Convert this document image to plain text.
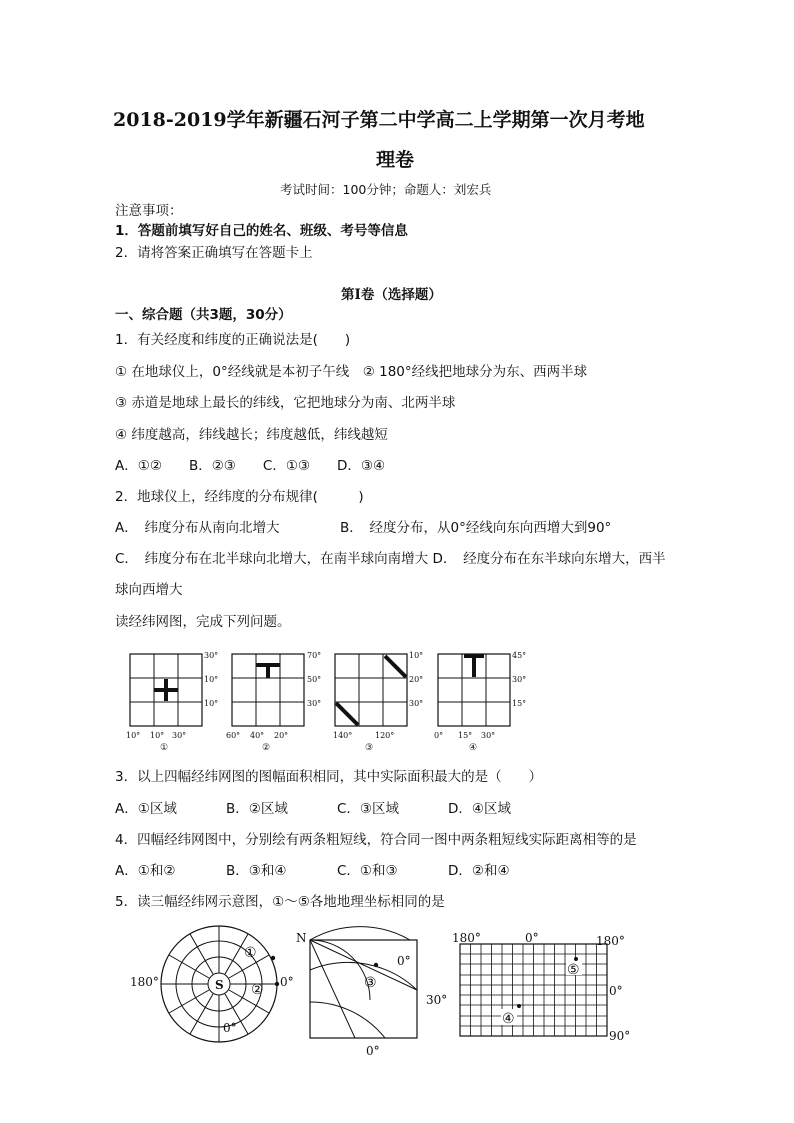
2018-2019学年新疆石河子第二中学高二上学期第一次月考地
理卷
考试时间：100分钟；命题人：刘宏兵
注意事项：
1．答题前填写好自己的姓名、班级、考号等信息
2．请将答案正确填写在答题卡上
第I卷（选择题）
一、综合题（共3题，30分）
1．有关经度和纬度的正确说法是(　　)
① 在地球仪上，0°经线就是本初子午线　② 180°经线把地球分为东、西两半球
③ 赤道是地球上最长的纬线，它把地球分为南、北两半球
④ 纬度越高，纬线越长；纬度越低，纬线越短
A．①②　　B．②③　　C．①③　　D．③④
2．地球仪上，经纬度的分布规律(　　　)
A．　纬度分布从南向北增大	B．　经度分布，从0°经线向东向西增大到90°
C．　纬度分布在北半球向北增大，在南半球向南增大 D．　经度分布在东半球向东增大，西半
球向西增大
读经纬网图，完成下列问题。
30°
10°
10°
10° 10° 30°
①
70°
50°
30°
60° 40° 20°
②
10°
20°
30°
140°	120°
③
45°
30°
15°
0° 15° 30°
④
3．以上四幅经纬网图的图幅面积相同，其中实际面积最大的是（　　）
A．①区域	B．②区域	C．③区域	D．④区域
4．四幅经纬网图中，分别绘有两条粗短线，符合同一图中两条粗短线实际距离相等的是
A．①和②	B．③和④	C．①和③	D．②和④
5．读三幅经纬网示意图，①～⑤各地地理坐标相同的是
S
①
②
180°	0°
0°
③
N
0°
30°
0°
⑤
④
180°	0°	180°
0°
90°
